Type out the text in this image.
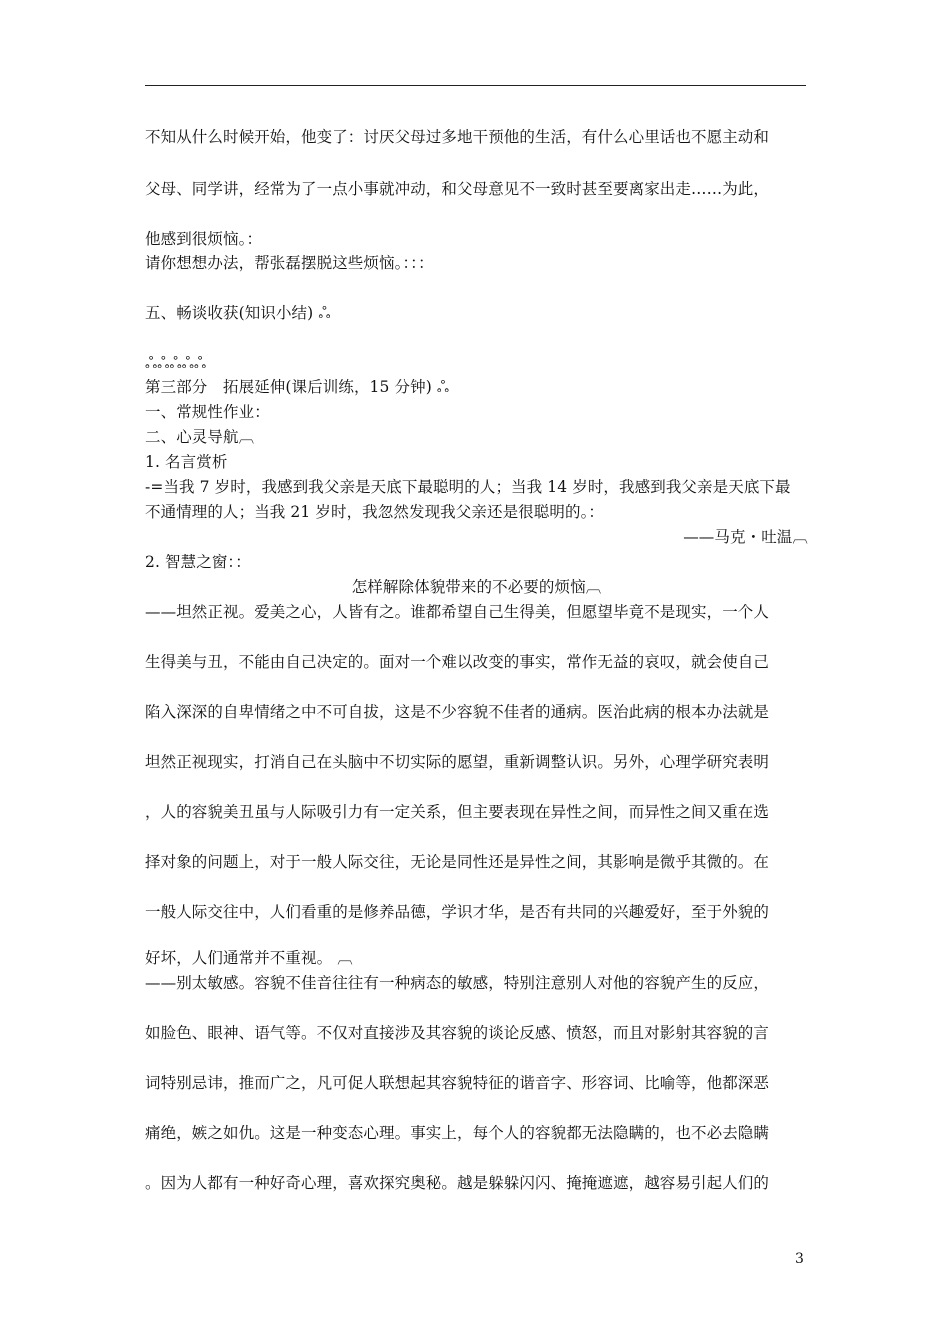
不知从什么时候开始，他变了：讨厌父母过多地干预他的生活，有什么心里话也不愿主动和
父母、同学讲，经常为了一点小事就冲动，和父母意见不一致时甚至要离家出走……为此，
他感到很烦恼。：
请你想想办法，帮张磊摆脱这些烦恼。：：：
五、畅谈收获(知识小结) ஃ
ஃஃஃஃஃ
第三部分　拓展延伸(课后训练，15 分钟) ஃ
一、常规性作业：
二、心灵导航︹
1. 名言赏析
-=当我 7 岁时，我感到我父亲是天底下最聪明的人；当我 14 岁时，我感到我父亲是天底下最
不通情理的人；当我 21 岁时，我忽然发现我父亲还是很聪明的。：
——马克・吐温︹
2. 智慧之窗：：
怎样解除体貌带来的不必要的烦恼︹
——坦然正视。爱美之心，人皆有之。谁都希望自己生得美，但愿望毕竟不是现实，一个人
生得美与丑，不能由自己决定的。面对一个难以改变的事实，常作无益的哀叹，就会使自己
陷入深深的自卑情绪之中不可自拔，这是不少容貌不佳者的通病。医治此病的根本办法就是
坦然正视现实，打消自己在头脑中不切实际的愿望，重新调整认识。另外，心理学研究表明
，人的容貌美丑虽与人际吸引力有一定关系，但主要表现在异性之间，而异性之间又重在选
择对象的问题上，对于一般人际交往，无论是同性还是异性之间，其影响是微乎其微的。在
一般人际交往中，人们看重的是修养品德，学识才华，是否有共同的兴趣爱好，至于外貌的
好坏，人们通常并不重视。 ︹
——别太敏感。容貌不佳音往往有一种病态的敏感，特别注意别人对他的容貌产生的反应，
如脸色、眼神、语气等。不仅对直接涉及其容貌的谈论反感、愤怒，而且对影射其容貌的言
词特别忌讳，推而广之，凡可促人联想起其容貌特征的谐音字、形容词、比喻等，他都深恶
痛绝，嫉之如仇。这是一种变态心理。事实上，每个人的容貌都无法隐瞒的，也不必去隐瞒
。因为人都有一种好奇心理，喜欢探究奥秘。越是躲躲闪闪、掩掩遮遮，越容易引起人们的
3
